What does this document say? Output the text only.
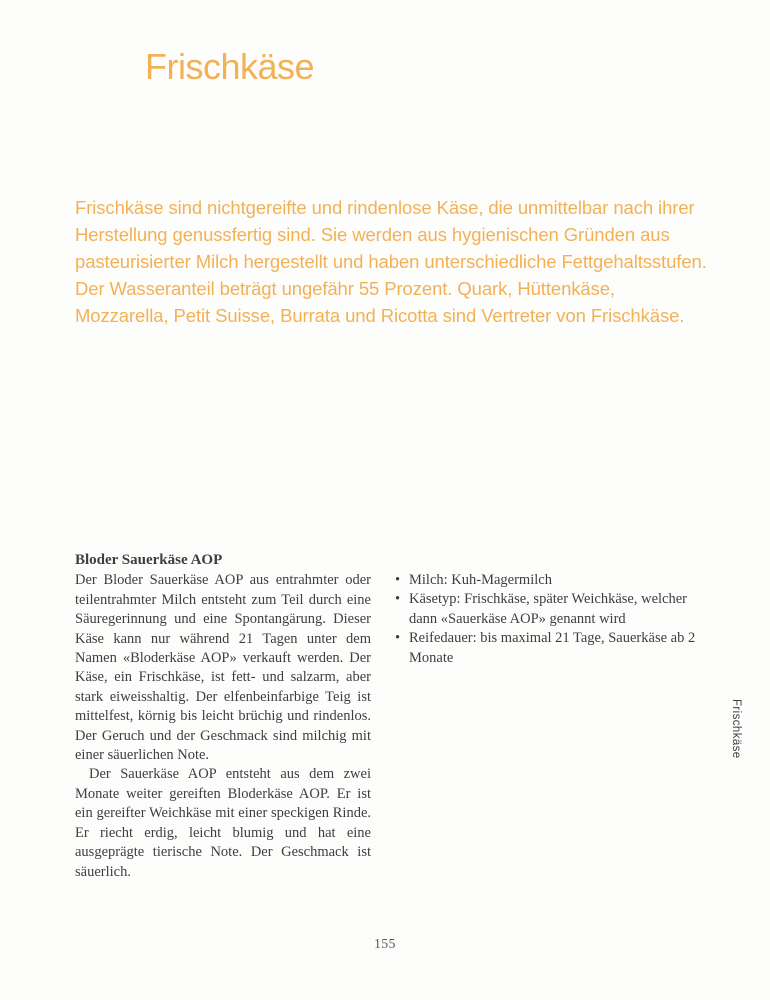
Frischkäse

Frischkäse sind nichtgereifte und rindenlose Käse, die unmittelbar nach ihrer Herstellung genussfertig sind. Sie werden aus hygienischen Gründen aus pasteurisierter Milch hergestellt und haben unterschiedliche Fettgehaltsstufen. Der Wasseranteil beträgt ungefähr 55 Prozent. Quark, Hüttenkäse, Mozzarella, Petit Suisse, Burrata und Ricotta sind Vertreter von Frischkäse.

Bloder Sauerkäse AOP

Der Bloder Sauerkäse AOP aus entrahmter oder teilentrahmter Milch entsteht zum Teil durch eine Säuregerinnung und eine Spontangärung. Dieser Käse kann nur während 21 Tagen unter dem Namen «Bloderkäse AOP» verkauft werden. Der Käse, ein Frischkäse, ist fett- und salzarm, aber stark eiweisshaltig. Der elfenbeinfarbige Teig ist mittelfest, körnig bis leicht brüchig und rindenlos. Der Geruch und der Geschmack sind milchig mit einer säuerlichen Note.

Der Sauerkäse AOP entsteht aus dem zwei Monate weiter gereiften Bloderkäse AOP. Er ist ein gereifter Weichkäse mit einer speckigen Rinde. Er riecht erdig, leicht blumig und hat eine ausgeprägte tierische Note. Der Geschmack ist säuerlich.

• Milch: Kuh-Magermilch
• Käsetyp: Frischkäse, später Weichkäse, welcher dann «Sauerkäse AOP» genannt wird
• Reifedauer: bis maximal 21 Tage, Sauerkäse ab 2 Monate
Frischkäse
155
